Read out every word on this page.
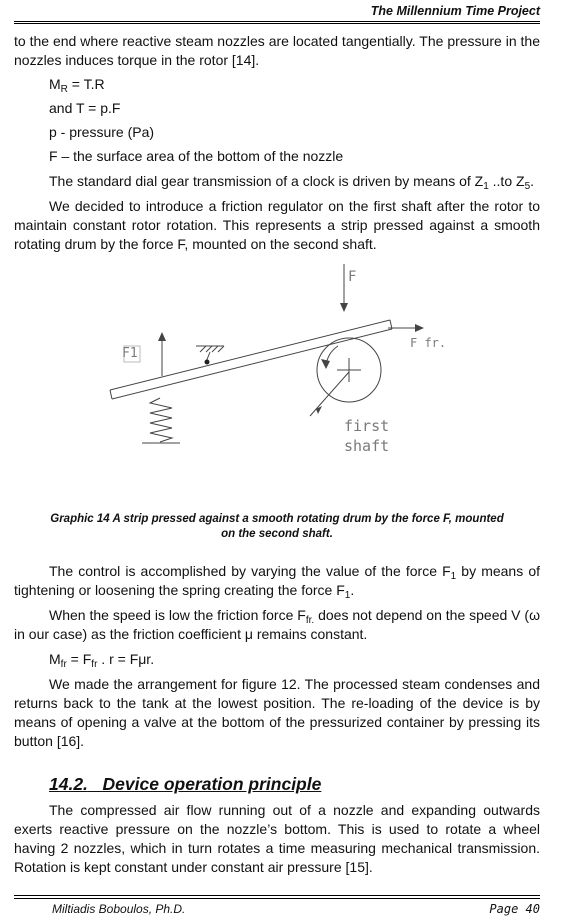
The Millennium Time Project

to the end where reactive steam nozzles are located tangentially. The pressure in the nozzles induces torque in the rotor [14].

$M_R = T.R$

and T = p.F

p - pressure (Pa)

F – the surface area of the bottom of the nozzle

The standard dial gear transmission of a clock is driven by means of $Z_1$ ..to $Z_5$.

We decided to introduce a friction regulator on the first shaft after the rotor to maintain constant rotor rotation. This represents a strip pressed against a smooth rotating drum by the force F, mounted on the second shaft.

F
F1
F fr.
first
shaft

Graphic 14 A strip pressed against a smooth rotating drum by the force F, mounted on the second shaft.

The control is accomplished by varying the value of the force $F_1$ by means of tightening or loosening the spring creating the force $F_1$.

When the speed is low the friction force $F_{fr.}$ does not depend on the speed V (ω in our case) as the friction coefficient μ remains constant.

$M_{fr} = F_{fr}$ . r = Fμr.

We made the arrangement for figure 12. The processed steam condenses and returns back to the tank at the lowest position. The re-loading of the device is by means of opening a valve at the bottom of the pressurized container by pressing its button [16].

14.2. Device operation principle

The compressed air flow running out of a nozzle and expanding outwards exerts reactive pressure on the nozzle’s bottom. This is used to rotate a wheel having 2 nozzles, which in turn rotates a time measuring mechanical transmission. Rotation is kept constant under constant air pressure [15].

Miltiadis Boboulos, Ph.D.	Page 40
